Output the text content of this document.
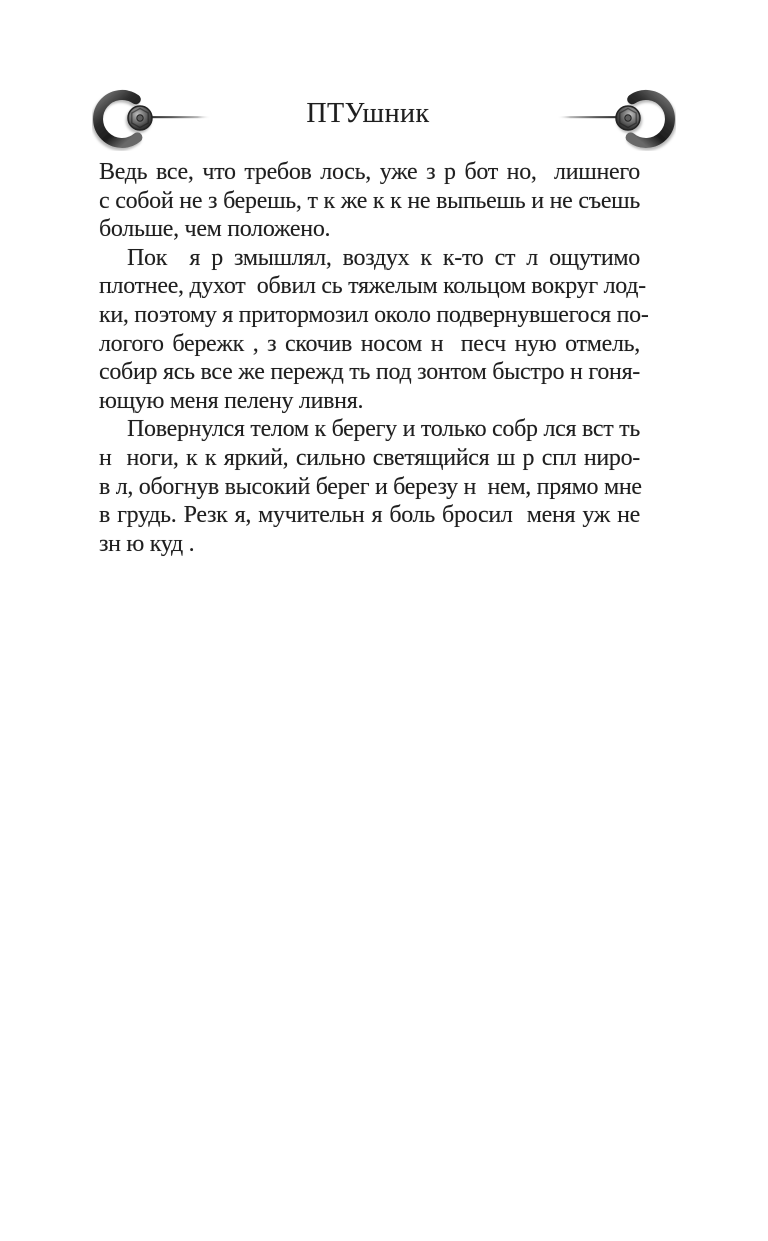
ПТУшник
Ведь все, что требов лось, уже з р бот но,  лишнего
с собой не з берешь, т к же к к не выпьешь и не съешь
больше, чем положено.
Пок  я р змышлял, воздух к к-то ст л ощутимо
плотнее, духот  обвил сь тяжелым кольцом вокруг лод-
ки, поэтому я притормозил около подвернувшегося по-
логого бережк , з скочив носом н  песч ную отмель,
собир ясь все же пережд ть под зонтом быстро н гоня-
ющую меня пелену ливня.
Повернулся телом к берегу и только собр лся вст ть
н  ноги, к к яркий, сильно светящийся ш р спл ниро-
в л, обогнув высокий берег и березу н  нем, прямо мне
в грудь. Резк я, мучительн я боль бросил  меня уж не
зн ю куд .
